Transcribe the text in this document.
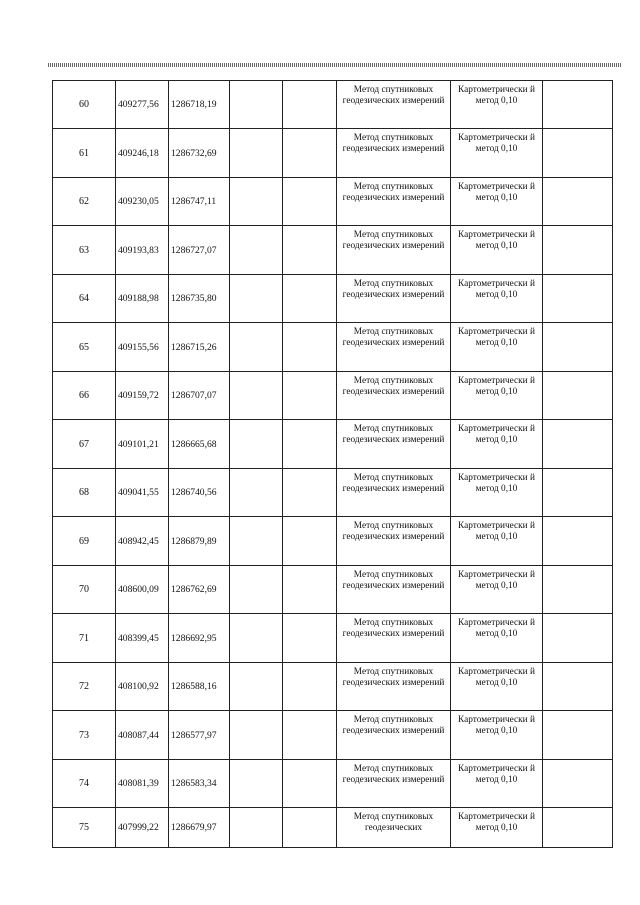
60	409277,56	1286718,19			Метод спутниковых геодезических измерений	Картометрически й метод 0,10	
61	409246,18	1286732,69			Метод спутниковых геодезических измерений	Картометрически й метод 0,10	
62	409230,05	1286747,11			Метод спутниковых геодезических измерений	Картометрически й метод 0,10	
63	409193,83	1286727,07			Метод спутниковых геодезических измерений	Картометрически й метод 0,10	
64	409188,98	1286735,80			Метод спутниковых геодезических измерений	Картометрически й метод 0,10	
65	409155,56	1286715,26			Метод спутниковых геодезических измерений	Картометрически й метод 0,10	
66	409159,72	1286707,07			Метод спутниковых геодезических измерений	Картометрически й метод 0,10	
67	409101,21	1286665,68			Метод спутниковых геодезических измерений	Картометрически й метод 0,10	
68	409041,55	1286740,56			Метод спутниковых геодезических измерений	Картометрически й метод 0,10	
69	408942,45	1286879,89			Метод спутниковых геодезических измерений	Картометрически й метод 0,10	
70	408600,09	1286762,69			Метод спутниковых геодезических измерений	Картометрически й метод 0,10	
71	408399,45	1286692,95			Метод спутниковых геодезических измерений	Картометрически й метод 0,10	
72	408100,92	1286588,16			Метод спутниковых геодезических измерений	Картометрически й метод 0,10	
73	408087,44	1286577,97			Метод спутниковых геодезических измерений	Картометрически й метод 0,10	
74	408081,39	1286583,34			Метод спутниковых геодезических измерений	Картометрически й метод 0,10	
75	407999,22	1286679,97			Метод спутниковых геодезических	Картометрически й метод 0,10	
